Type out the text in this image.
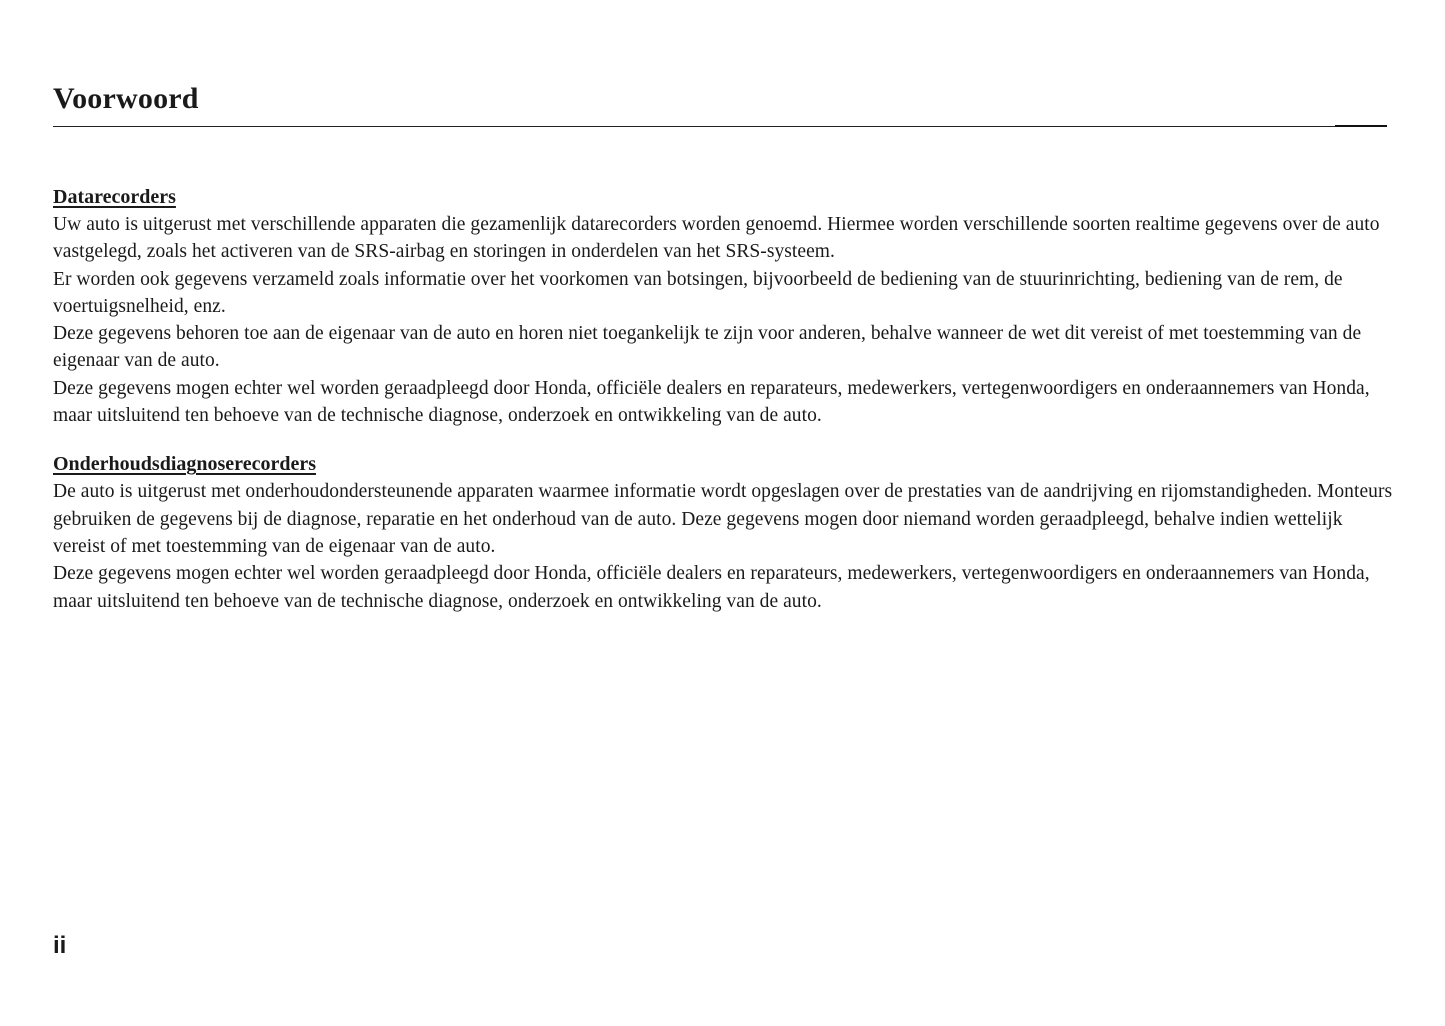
Voorwoord
Datarecorders

Uw auto is uitgerust met verschillende apparaten die gezamenlijk datarecorders worden genoemd. Hiermee worden verschillende soorten realtime gegevens over de auto vastgelegd, zoals het activeren van de SRS-airbag en storingen in onderdelen van het SRS-systeem.

Er worden ook gegevens verzameld zoals informatie over het voorkomen van botsingen, bijvoorbeeld de bediening van de stuurinrichting, bediening van de rem, de voertuigsnelheid, enz.

Deze gegevens behoren toe aan de eigenaar van de auto en horen niet toegankelijk te zijn voor anderen, behalve wanneer de wet dit vereist of met toestemming van de eigenaar van de auto.

Deze gegevens mogen echter wel worden geraadpleegd door Honda, officiële dealers en reparateurs, medewerkers, vertegenwoordigers en onderaannemers van Honda, maar uitsluitend ten behoeve van de technische diagnose, onderzoek en ontwikkeling van de auto.

Onderhoudsdiagnoserecorders

De auto is uitgerust met onderhoudondersteunende apparaten waarmee informatie wordt opgeslagen over de prestaties van de aandrijving en rijomstandigheden. Monteurs gebruiken de gegevens bij de diagnose, reparatie en het onderhoud van de auto. Deze gegevens mogen door niemand worden geraadpleegd, behalve indien wettelijk vereist of met toestemming van de eigenaar van de auto.

Deze gegevens mogen echter wel worden geraadpleegd door Honda, officiële dealers en reparateurs, medewerkers, vertegenwoordigers en onderaannemers van Honda, maar uitsluitend ten behoeve van de technische diagnose, onderzoek en ontwikkeling van de auto.

ii
